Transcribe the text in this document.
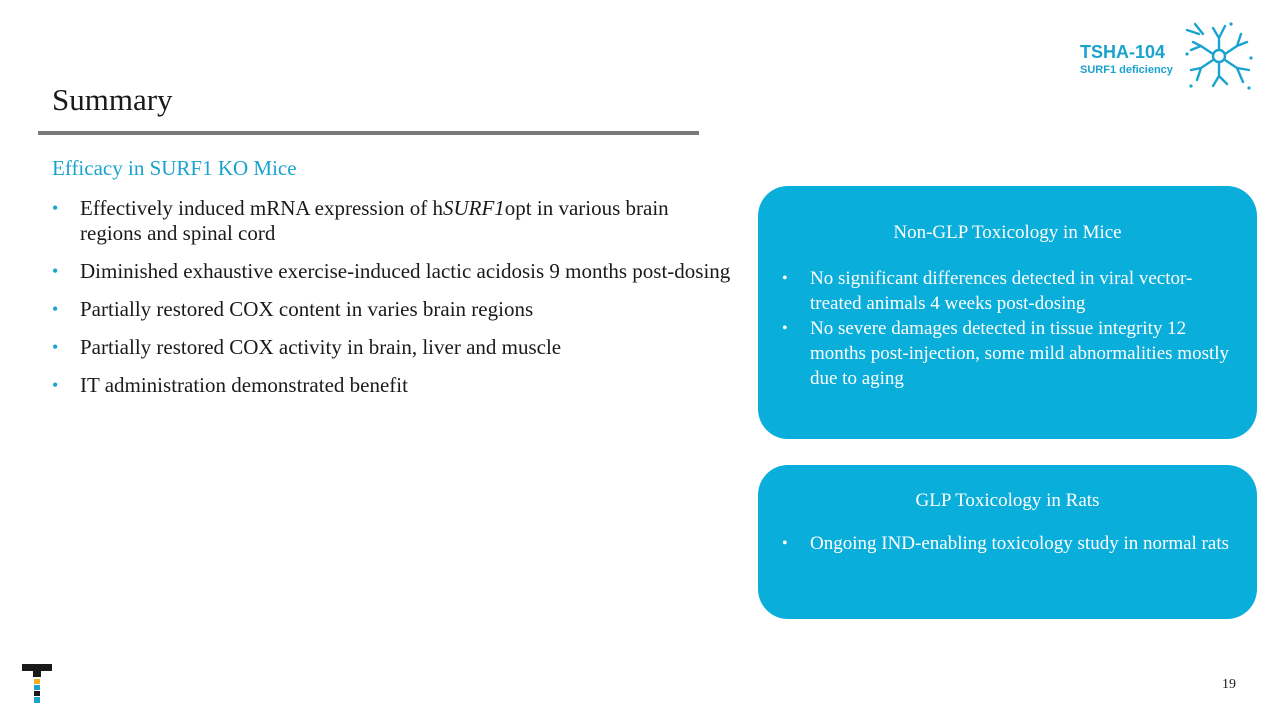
Summary
TSHA-104
SURF1 deficiency
Efficacy in SURF1 KO Mice
• Effectively induced mRNA expression of hSURF1opt in various brain regions and spinal cord
• Diminished exhaustive exercise-induced lactic acidosis 9 months post-dosing
• Partially restored COX content in varies brain regions
• Partially restored COX activity in brain, liver and muscle
• IT administration demonstrated benefit
Non-GLP Toxicology in Mice
• No significant differences detected in viral vector-treated animals 4 weeks post-dosing
• No severe damages detected in tissue integrity 12 months post-injection, some mild abnormalities mostly due to aging
GLP Toxicology in Rats
• Ongoing IND-enabling toxicology study in normal rats
19
